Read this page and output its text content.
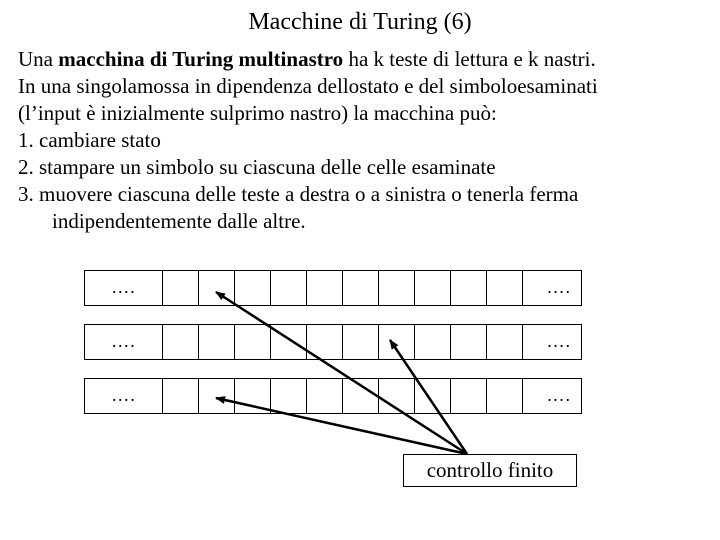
Macchine di Turing (6)
Una macchina di Turing multinastro ha k teste di lettura e k nastri.
In una singolamossa in dipendenza dellostato e del simboloesaminati
(l’input è inizialmente sulprimo nastro) la macchina può:
1. cambiare stato
2. stampare un simbolo su ciascuna delle celle esaminate
3. muovere ciascuna delle teste a destra o a sinistra o tenerla ferma
indipendentemente dalle altre.
….	….
….	….
….	….
controllo finito
